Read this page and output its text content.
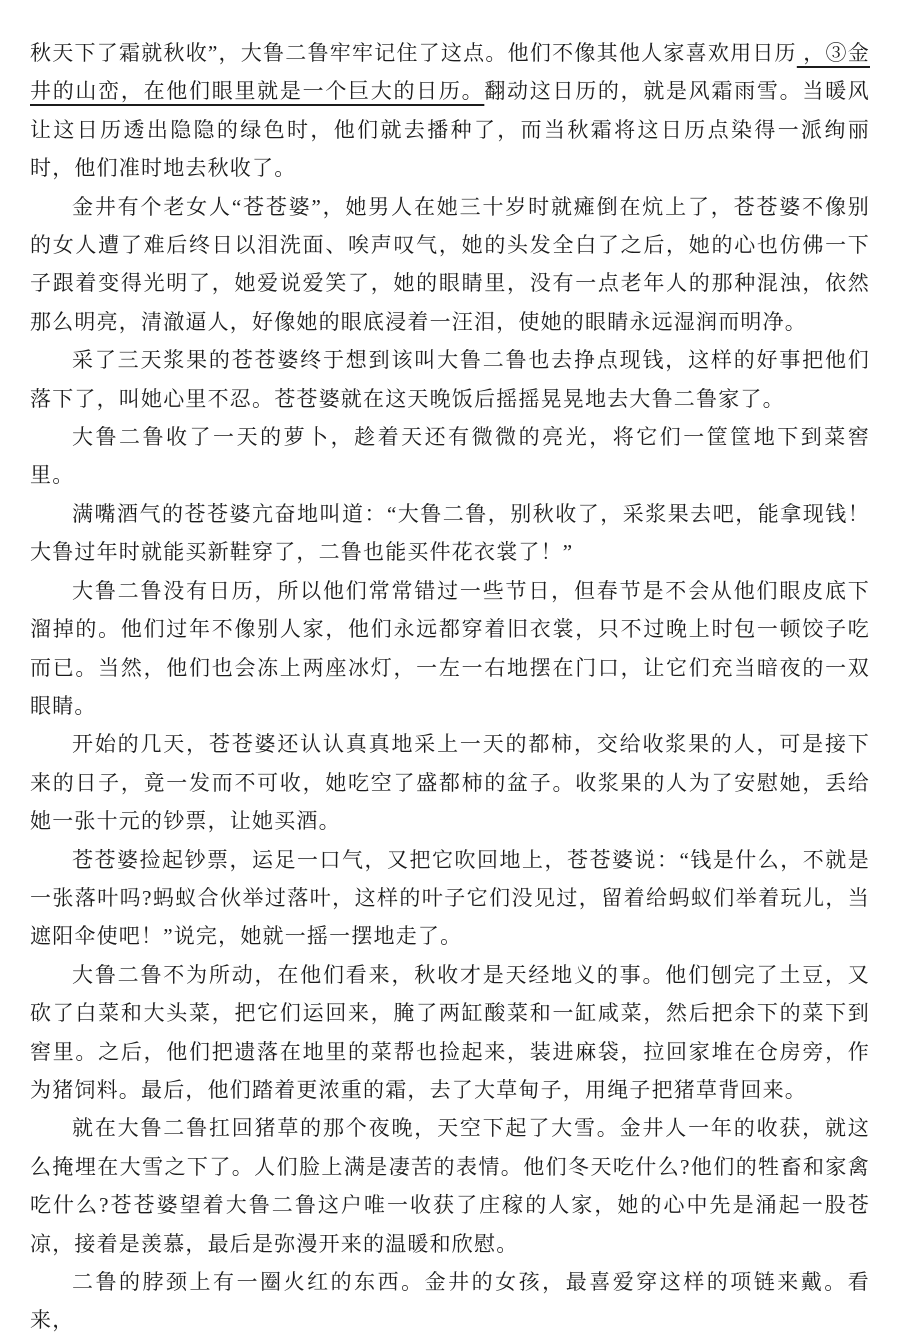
秋天下了霜就秋收”，大鲁二鲁牢牢记住了这点。他们不像其他人家喜欢用日历 ，③金井的山峦，在他们眼里就是一个巨大的日历。翻动这日历的，就是风霜雨雪。当暖风让这日历透出隐隐的绿色时，他们就去播种了，而当秋霜将这日历点染得一派绚丽时，他们准时地去秋收了。

金井有个老女人“苍苍婆”，她男人在她三十岁时就瘫倒在炕上了，苍苍婆不像别的女人遭了难后终日以泪洗面、唉声叹气，她的头发全白了之后，她的心也仿佛一下子跟着变得光明了，她爱说爱笑了，她的眼睛里，没有一点老年人的那种混浊，依然那么明亮，清澈逼人，好像她的眼底浸着一汪泪，使她的眼睛永远湿润而明净。

采了三天浆果的苍苍婆终于想到该叫大鲁二鲁也去挣点现钱，这样的好事把他们落下了，叫她心里不忍。苍苍婆就在这天晚饭后摇摇晃晃地去大鲁二鲁家了。

大鲁二鲁收了一天的萝卜，趁着天还有微微的亮光，将它们一筐筐地下到菜窖里。

满嘴酒气的苍苍婆亢奋地叫道：“大鲁二鲁，别秋收了，采浆果去吧，能拿现钱！大鲁过年时就能买新鞋穿了，二鲁也能买件花衣裳了！”

大鲁二鲁没有日历，所以他们常常错过一些节日，但春节是不会从他们眼皮底下溜掉的。他们过年不像别人家，他们永远都穿着旧衣裳，只不过晚上时包一顿饺子吃而已。当然，他们也会冻上两座冰灯，一左一右地摆在门口，让它们充当暗夜的一双眼睛。

开始的几天，苍苍婆还认认真真地采上一天的都柿，交给收浆果的人，可是接下来的日子，竟一发而不可收，她吃空了盛都柿的盆子。收浆果的人为了安慰她，丢给她一张十元的钞票，让她买酒。

苍苍婆捡起钞票，运足一口气，又把它吹回地上，苍苍婆说：“钱是什么，不就是一张落叶吗?蚂蚁合伙举过落叶，这样的叶子它们没见过，留着给蚂蚁们举着玩儿，当遮阳伞使吧！”说完，她就一摇一摆地走了。

大鲁二鲁不为所动，在他们看来，秋收才是天经地义的事。他们刨完了土豆，又砍了白菜和大头菜，把它们运回来，腌了两缸酸菜和一缸咸菜，然后把余下的菜下到窖里。之后，他们把遗落在地里的菜帮也捡起来，装进麻袋，拉回家堆在仓房旁，作为猪饲料。最后，他们踏着更浓重的霜，去了大草甸子，用绳子把猪草背回来。

就在大鲁二鲁扛回猪草的那个夜晚，天空下起了大雪。金井人一年的收获，就这么掩埋在大雪之下了。人们脸上满是凄苦的表情。他们冬天吃什么?他们的牲畜和家禽吃什么?苍苍婆望着大鲁二鲁这户唯一收获了庄稼的人家，她的心中先是涌起一股苍凉，接着是羡慕，最后是弥漫开来的温暖和欣慰。

二鲁的脖颈上有一圈火红的东西。金井的女孩，最喜爱穿这样的项链来戴。看来，
